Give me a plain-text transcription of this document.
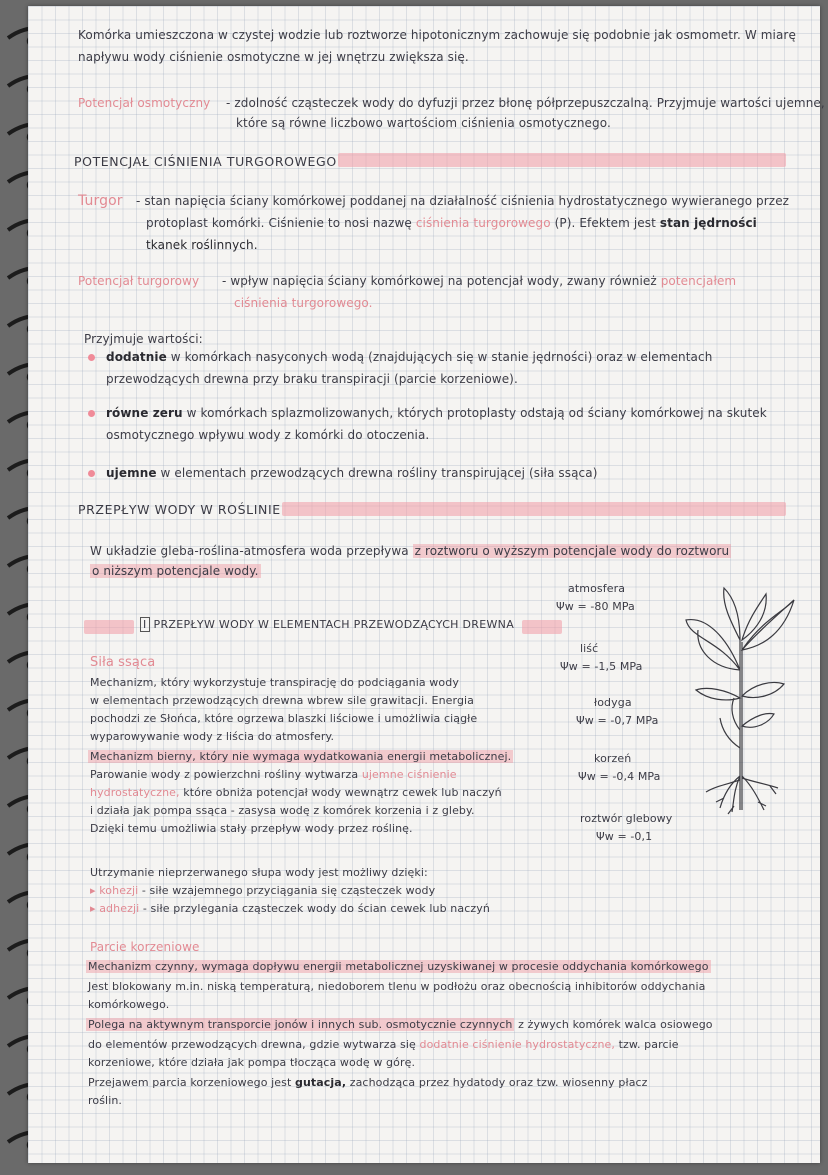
Komórka umieszczona w czystej wodzie lub roztworze hipotonicznym zachowuje się podobnie jak osmometr. W miarę
napływu wody ciśnienie osmotyczne w jej wnętrzu zwiększa się.
Potencjał osmotyczny - zdolność cząsteczek wody do dyfuzji przez błonę półprzepuszczalną. Przyjmuje wartości ujemne,
które są równe liczbowo wartościom ciśnienia osmotycznego.
POTENCJAŁ CIŚNIENIA TURGOROWEGO
Turgor - stan napięcia ściany komórkowej poddanej na działalność ciśnienia hydrostatycznego wywieranego przez
protoplast komórki. Ciśnienie to nosi nazwę ciśnienia turgorowego (P). Efektem jest stan jędrności
tkanek roślinnych.
Potencjał turgorowy - wpływ napięcia ściany komórkowej na potencjał wody, zwany również potencjałem
ciśnienia turgorowego.
Przyjmuje wartości:
dodatnie w komórkach nasyconych wodą (znajdujących się w stanie jędrności) oraz w elementach
przewodzących drewna przy braku transpiracji (parcie korzeniowe).
równe zeru w komórkach splazmolizowanych, których protoplasty odstają od ściany komórkowej na skutek
osmotycznego wpływu wody z komórki do otoczenia.
ujemne w elementach przewodzących drewna rośliny transpirującej (siła ssąca)
PRZEPŁYW WODY W ROŚLINIE
W układzie gleba-roślina-atmosfera woda przepływa z roztworu o wyższym potencjale wody do roztworu
o niższym potencjale wody.
I PRZEPŁYW WODY W ELEMENTACH PRZEWODZĄCYCH DREWNA
Siła ssąca
Mechanizm, który wykorzystuje transpirację do podciągania wody
w elementach przewodzących drewna wbrew sile grawitacji. Energia
pochodzi ze Słońca, które ogrzewa blaszki liściowe i umożliwia ciągłe
wyparowywanie wody z liścia do atmosfery.
Mechanizm bierny, który nie wymaga wydatkowania energii metabolicznej.
Parowanie wody z powierzchni rośliny wytwarza ujemne ciśnienie
hydrostatyczne, które obniża potencjał wody wewnątrz cewek lub naczyń
i działa jak pompa ssąca - zasysa wodę z komórek korzenia i z gleby.
Dzięki temu umożliwia stały przepływ wody przez roślinę.
atmosfera
Ψw = -80 MPa
liść
Ψw = -1,5 MPa
łodyga
Ψw = -0,7 MPa
korzeń
Ψw = -0,4 MPa
roztwór glebowy
Ψw = -0,1
Utrzymanie nieprzerwanego słupa wody jest możliwy dzięki:
▸ kohezji - siłe wzajemnego przyciągania się cząsteczek wody
▸ adhezji - siłe przylegania cząsteczek wody do ścian cewek lub naczyń
Parcie korzeniowe
Mechanizm czynny, wymaga dopływu energii metabolicznej uzyskiwanej w procesie oddychania komórkowego
Jest blokowany m.in. niską temperaturą, niedoborem tlenu w podłożu oraz obecnością inhibitorów oddychania
komórkowego.
Polega na aktywnym transporcie jonów i innych sub. osmotycznie czynnych z żywych komórek walca osiowego
do elementów przewodzących drewna, gdzie wytwarza się dodatnie ciśnienie hydrostatyczne, tzw. parcie
korzeniowe, które działa jak pompa tłocząca wodę w górę.
Przejawem parcia korzeniowego jest gutacja, zachodząca przez hydatody oraz tzw. wiosenny płacz
roślin.
